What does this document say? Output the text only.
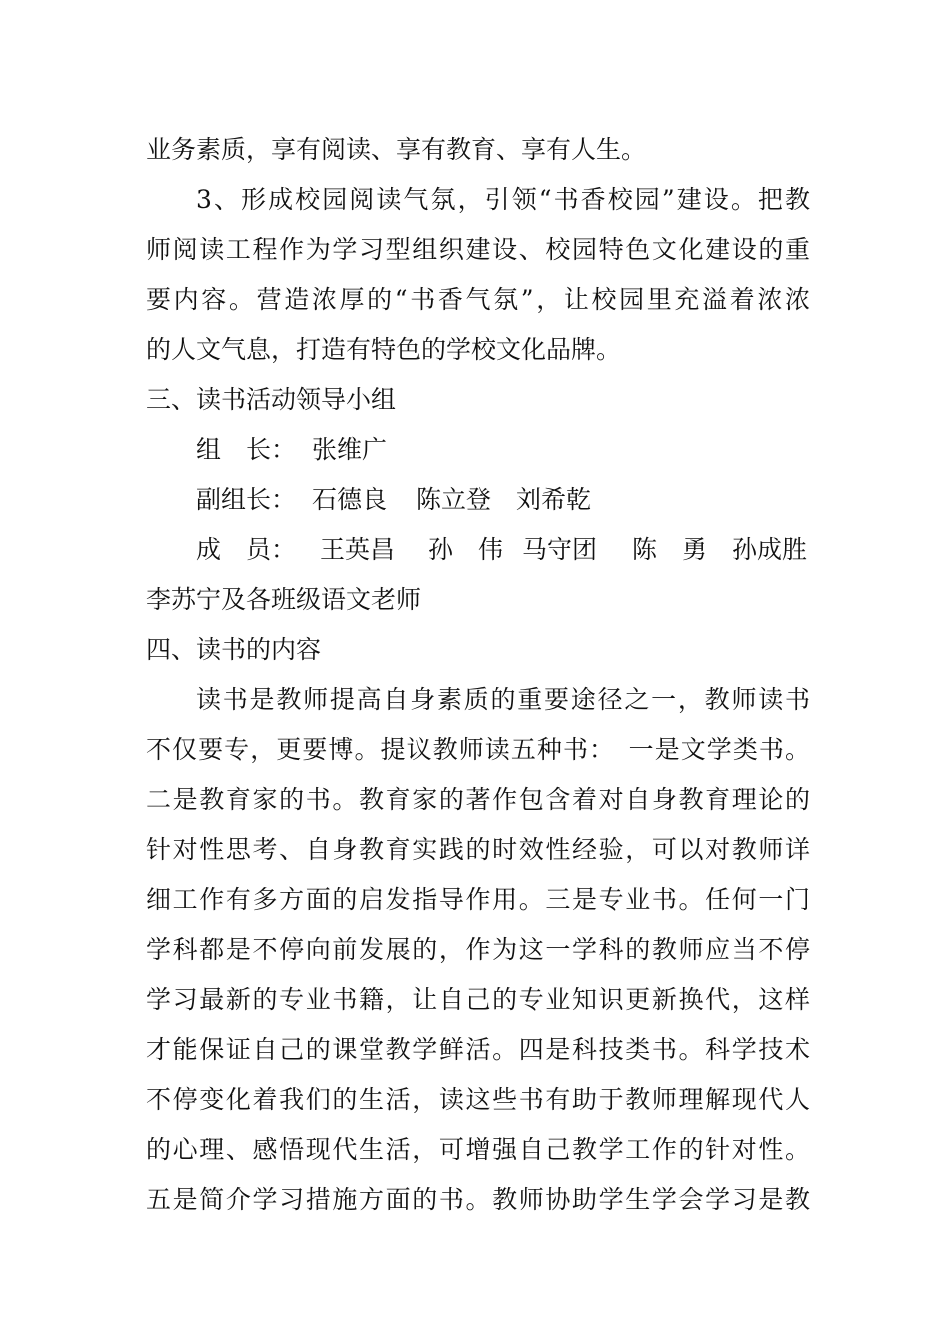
业务素质，享有阅读、享有教育、享有人生。
3、形成校园阅读气氛，引领“书香校园”建设。把教
师阅读工程作为学习型组织建设、校园特色文化建设的重
要内容。营造浓厚的“书香气氛”，让校园里充溢着浓浓
的人文气息，打造有特色的学校文化品牌。
三、读书活动领导小组
组　长： 张维广
副组长： 石德良 陈立登 刘希乾
成　员： 王英昌 孙　伟 马守团 陈　勇 孙成胜
李苏宁及各班级语文老师
四、读书的内容
读书是教师提高自身素质的重要途径之一，教师读书
不仅要专，更要博。提议教师读五种书：　一是文学类书。
二是教育家的书。教育家的著作包含着对自身教育理论的
针对性思考、自身教育实践的时效性经验，可以对教师详
细工作有多方面的启发指导作用。三是专业书。任何一门
学科都是不停向前发展的，作为这一学科的教师应当不停
学习最新的专业书籍，让自己的专业知识更新换代，这样
才能保证自己的课堂教学鲜活。四是科技类书。科学技术
不停变化着我们的生活，读这些书有助于教师理解现代人
的心理、感悟现代生活，可增强自己教学工作的针对性。
五是简介学习措施方面的书。教师协助学生学会学习是教
